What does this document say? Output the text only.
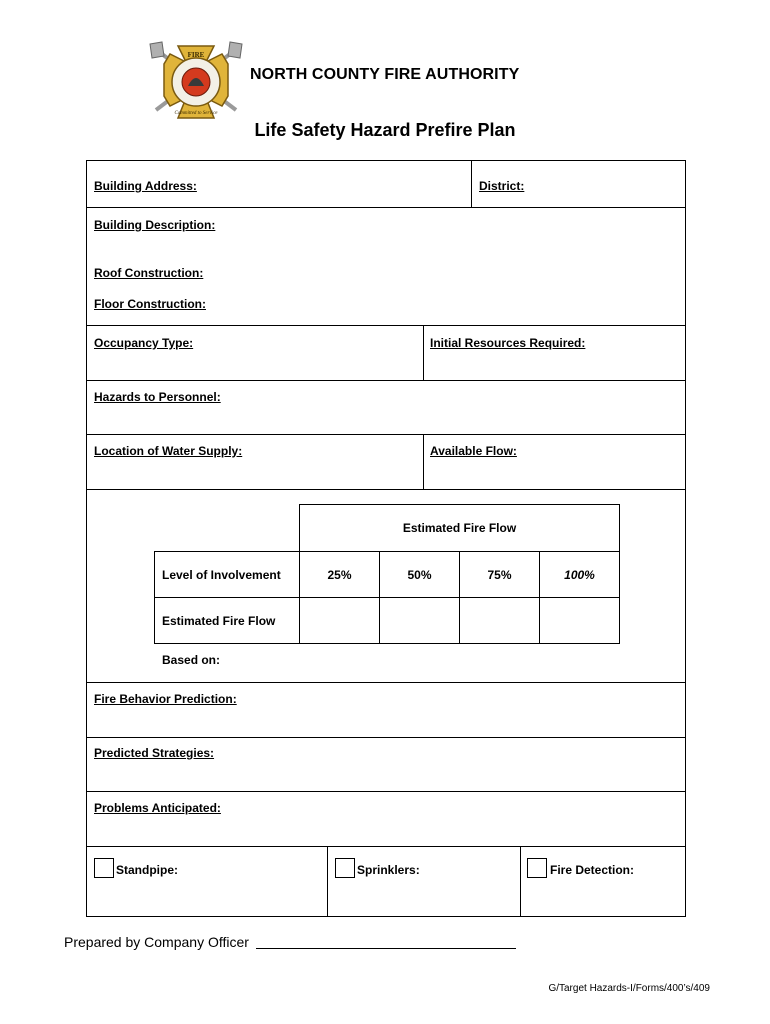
FIRE
Committed to Service
NORTH COUNTY FIRE AUTHORITY
Life Safety Hazard Prefire Plan
Building Address:	District:
Building Description:
Roof Construction:
Floor Construction:
Occupancy Type:	Initial Resources Required:
Hazards to Personnel:
Location of Water Supply:	Available Flow:
Estimated Fire Flow
Level of Involvement	25%	50%	75%	100%
Estimated Fire Flow
Based on:
Fire Behavior Prediction:
Predicted Strategies:
Problems Anticipated:
Standpipe:	Sprinklers:	Fire Detection:
Prepared by Company Officer
G/Target Hazards-I/Forms/400’s/409
